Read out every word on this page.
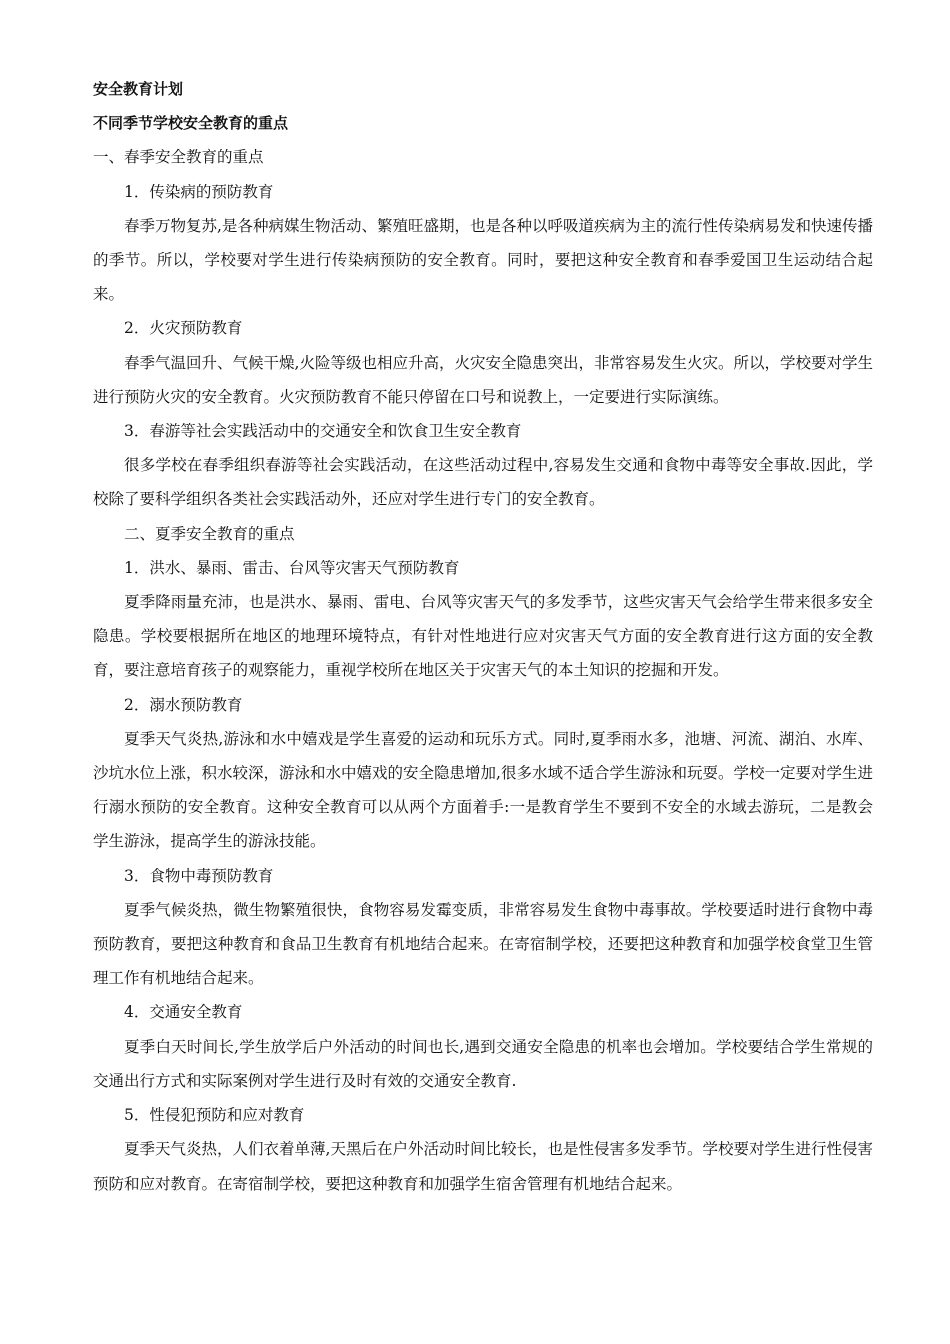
安全教育计划

不同季节学校安全教育的重点

一、春季安全教育的重点

1．传染病的预防教育

春季万物复苏,是各种病媒生物活动、繁殖旺盛期，也是各种以呼吸道疾病为主的流行性传染病易发和快速传播的季节。所以，学校要对学生进行传染病预防的安全教育。同时，要把这种安全教育和春季爱国卫生运动结合起来。

2．火灾预防教育

春季气温回升、气候干燥,火险等级也相应升高，火灾安全隐患突出，非常容易发生火灾。所以，学校要对学生进行预防火灾的安全教育。火灾预防教育不能只停留在口号和说教上，一定要进行实际演练。

3．春游等社会实践活动中的交通安全和饮食卫生安全教育

很多学校在春季组织春游等社会实践活动，在这些活动过程中,容易发生交通和食物中毒等安全事故.因此，学校除了要科学组织各类社会实践活动外，还应对学生进行专门的安全教育。

二、夏季安全教育的重点

1．洪水、暴雨、雷击、台风等灾害天气预防教育

夏季降雨量充沛，也是洪水、暴雨、雷电、台风等灾害天气的多发季节，这些灾害天气会给学生带来很多安全隐患。学校要根据所在地区的地理环境特点，有针对性地进行应对灾害天气方面的安全教育进行这方面的安全教育，要注意培育孩子的观察能力，重视学校所在地区关于灾害天气的本土知识的挖掘和开发。

2．溺水预防教育

夏季天气炎热,游泳和水中嬉戏是学生喜爱的运动和玩乐方式。同时,夏季雨水多，池塘、河流、湖泊、水库、沙坑水位上涨，积水较深，游泳和水中嬉戏的安全隐患增加,很多水域不适合学生游泳和玩耍。学校一定要对学生进行溺水预防的安全教育。这种安全教育可以从两个方面着手:一是教育学生不要到不安全的水域去游玩，二是教会学生游泳，提高学生的游泳技能。

3．食物中毒预防教育

夏季气候炎热，微生物繁殖很快，食物容易发霉变质，非常容易发生食物中毒事故。学校要适时进行食物中毒预防教育，要把这种教育和食品卫生教育有机地结合起来。在寄宿制学校，还要把这种教育和加强学校食堂卫生管理工作有机地结合起来。

4．交通安全教育

夏季白天时间长,学生放学后户外活动的时间也长,遇到交通安全隐患的机率也会增加。学校要结合学生常规的交通出行方式和实际案例对学生进行及时有效的交通安全教育.

5．性侵犯预防和应对教育

夏季天气炎热，人们衣着单薄,天黑后在户外活动时间比较长，也是性侵害多发季节。学校要对学生进行性侵害预防和应对教育。在寄宿制学校，要把这种教育和加强学生宿舍管理有机地结合起来。
